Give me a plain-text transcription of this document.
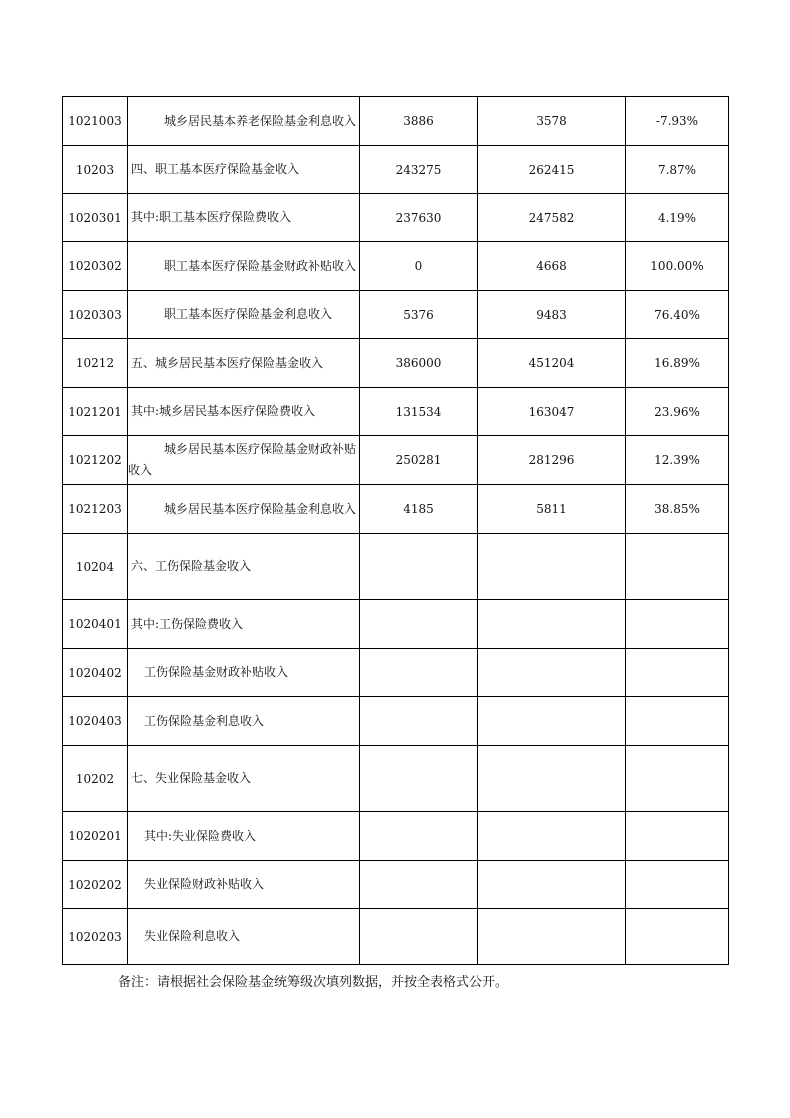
1021003	城乡居民基本养老保险基金利息收入	3886	3578	-7.93%
10203	四、职工基本医疗保险基金收入	243275	262415	7.87%
1020301	其中:职工基本医疗保险费收入	237630	247582	4.19%
1020302	职工基本医疗保险基金财政补贴收入	0	4668	100.00%
1020303	职工基本医疗保险基金利息收入	5376	9483	76.40%
10212	五、城乡居民基本医疗保险基金收入	386000	451204	16.89%
1021201	其中:城乡居民基本医疗保险费收入	131534	163047	23.96%
1021202	城乡居民基本医疗保险基金财政补贴收入	250281	281296	12.39%
1021203	城乡居民基本医疗保险基金利息收入	4185	5811	38.85%
10204	六、工伤保险基金收入			
1020401	其中:工伤保险费收入			
1020402	工伤保险基金财政补贴收入			
1020403	工伤保险基金利息收入			
10202	七、失业保险基金收入			
1020201	其中:失业保险费收入			
1020202	失业保险财政补贴收入			
1020203	失业保险利息收入			
备注：请根据社会保险基金统筹级次填列数据，并按全表格式公开。
